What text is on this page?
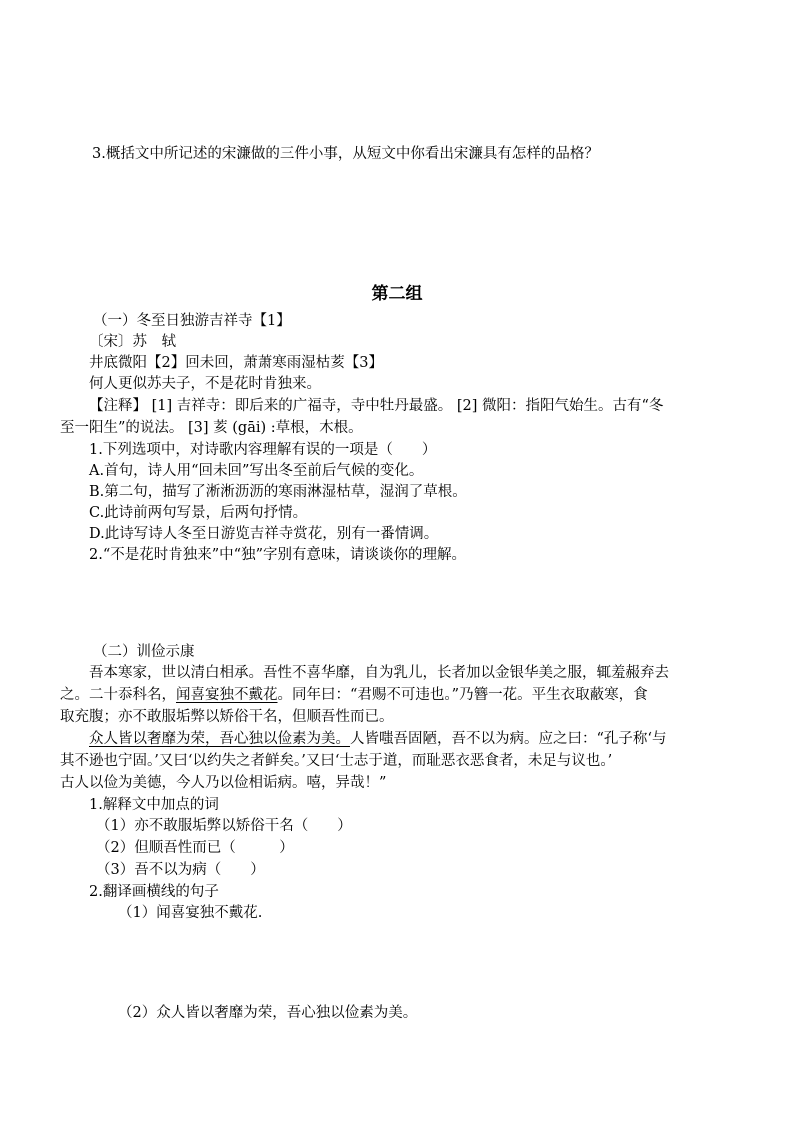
3.概括文中所记述的宋濂做的三件小事，从短文中你看出宋濂具有怎样的品格？
第二组
（一）冬至日独游吉祥寺【1】
〔宋〕苏　轼
井底微阳【2】回未回，萧萧寒雨湿枯荄【3】
何人更似苏夫子，不是花时肯独来。
【注释】 [1] 吉祥寺：即后来的广福寺，寺中牡丹最盛。 [2] 微阳：指阳气始生。古有“冬
至一阳生”的说法。 [3] 荄 (gāi) :草根，木根。
1.下列选项中，对诗歌内容理解有误的一项是（　　）
A.首句，诗人用“回未回”写出冬至前后气候的变化。
B.第二句，描写了淅淅沥沥的寒雨淋湿枯草，湿润了草根。
C.此诗前两句写景，后两句抒情。
D.此诗写诗人冬至日游览吉祥寺赏花，别有一番情调。
2.“不是花时肯独来”中“独”字别有意味，请谈谈你的理解。
（二）训俭示康
吾本寒家，世以清白相承。吾性不喜华靡，自为乳儿，长者加以金银华美之服，辄羞赧弃去
之。二十忝科名，闻喜宴独不戴花。同年曰：“君赐不可违也。”乃簪一花。平生衣取蔽寒，食
取充腹；亦不敢服垢弊以矫俗干名，但顺吾性而已。
众人皆以奢靡为荣，吾心独以俭素为美。人皆嗤吾固陋，吾不以为病。应之曰：“孔子称‘与
其不逊也宁固。’又曰‘以约失之者鲜矣。’又曰‘士志于道，而耻恶衣恶食者，未足与议也。’
古人以俭为美德，今人乃以俭相诟病。嘻，异哉！”
1.解释文中加点的词
（1）亦不敢服垢弊以矫俗干名（　　）
（2）但顺吾性而已（　　　）
（3）吾不以为病（　　）
2.翻译画横线的句子
（1）闻喜宴独不戴花.
（2）众人皆以奢靡为荣，吾心独以俭素为美。
